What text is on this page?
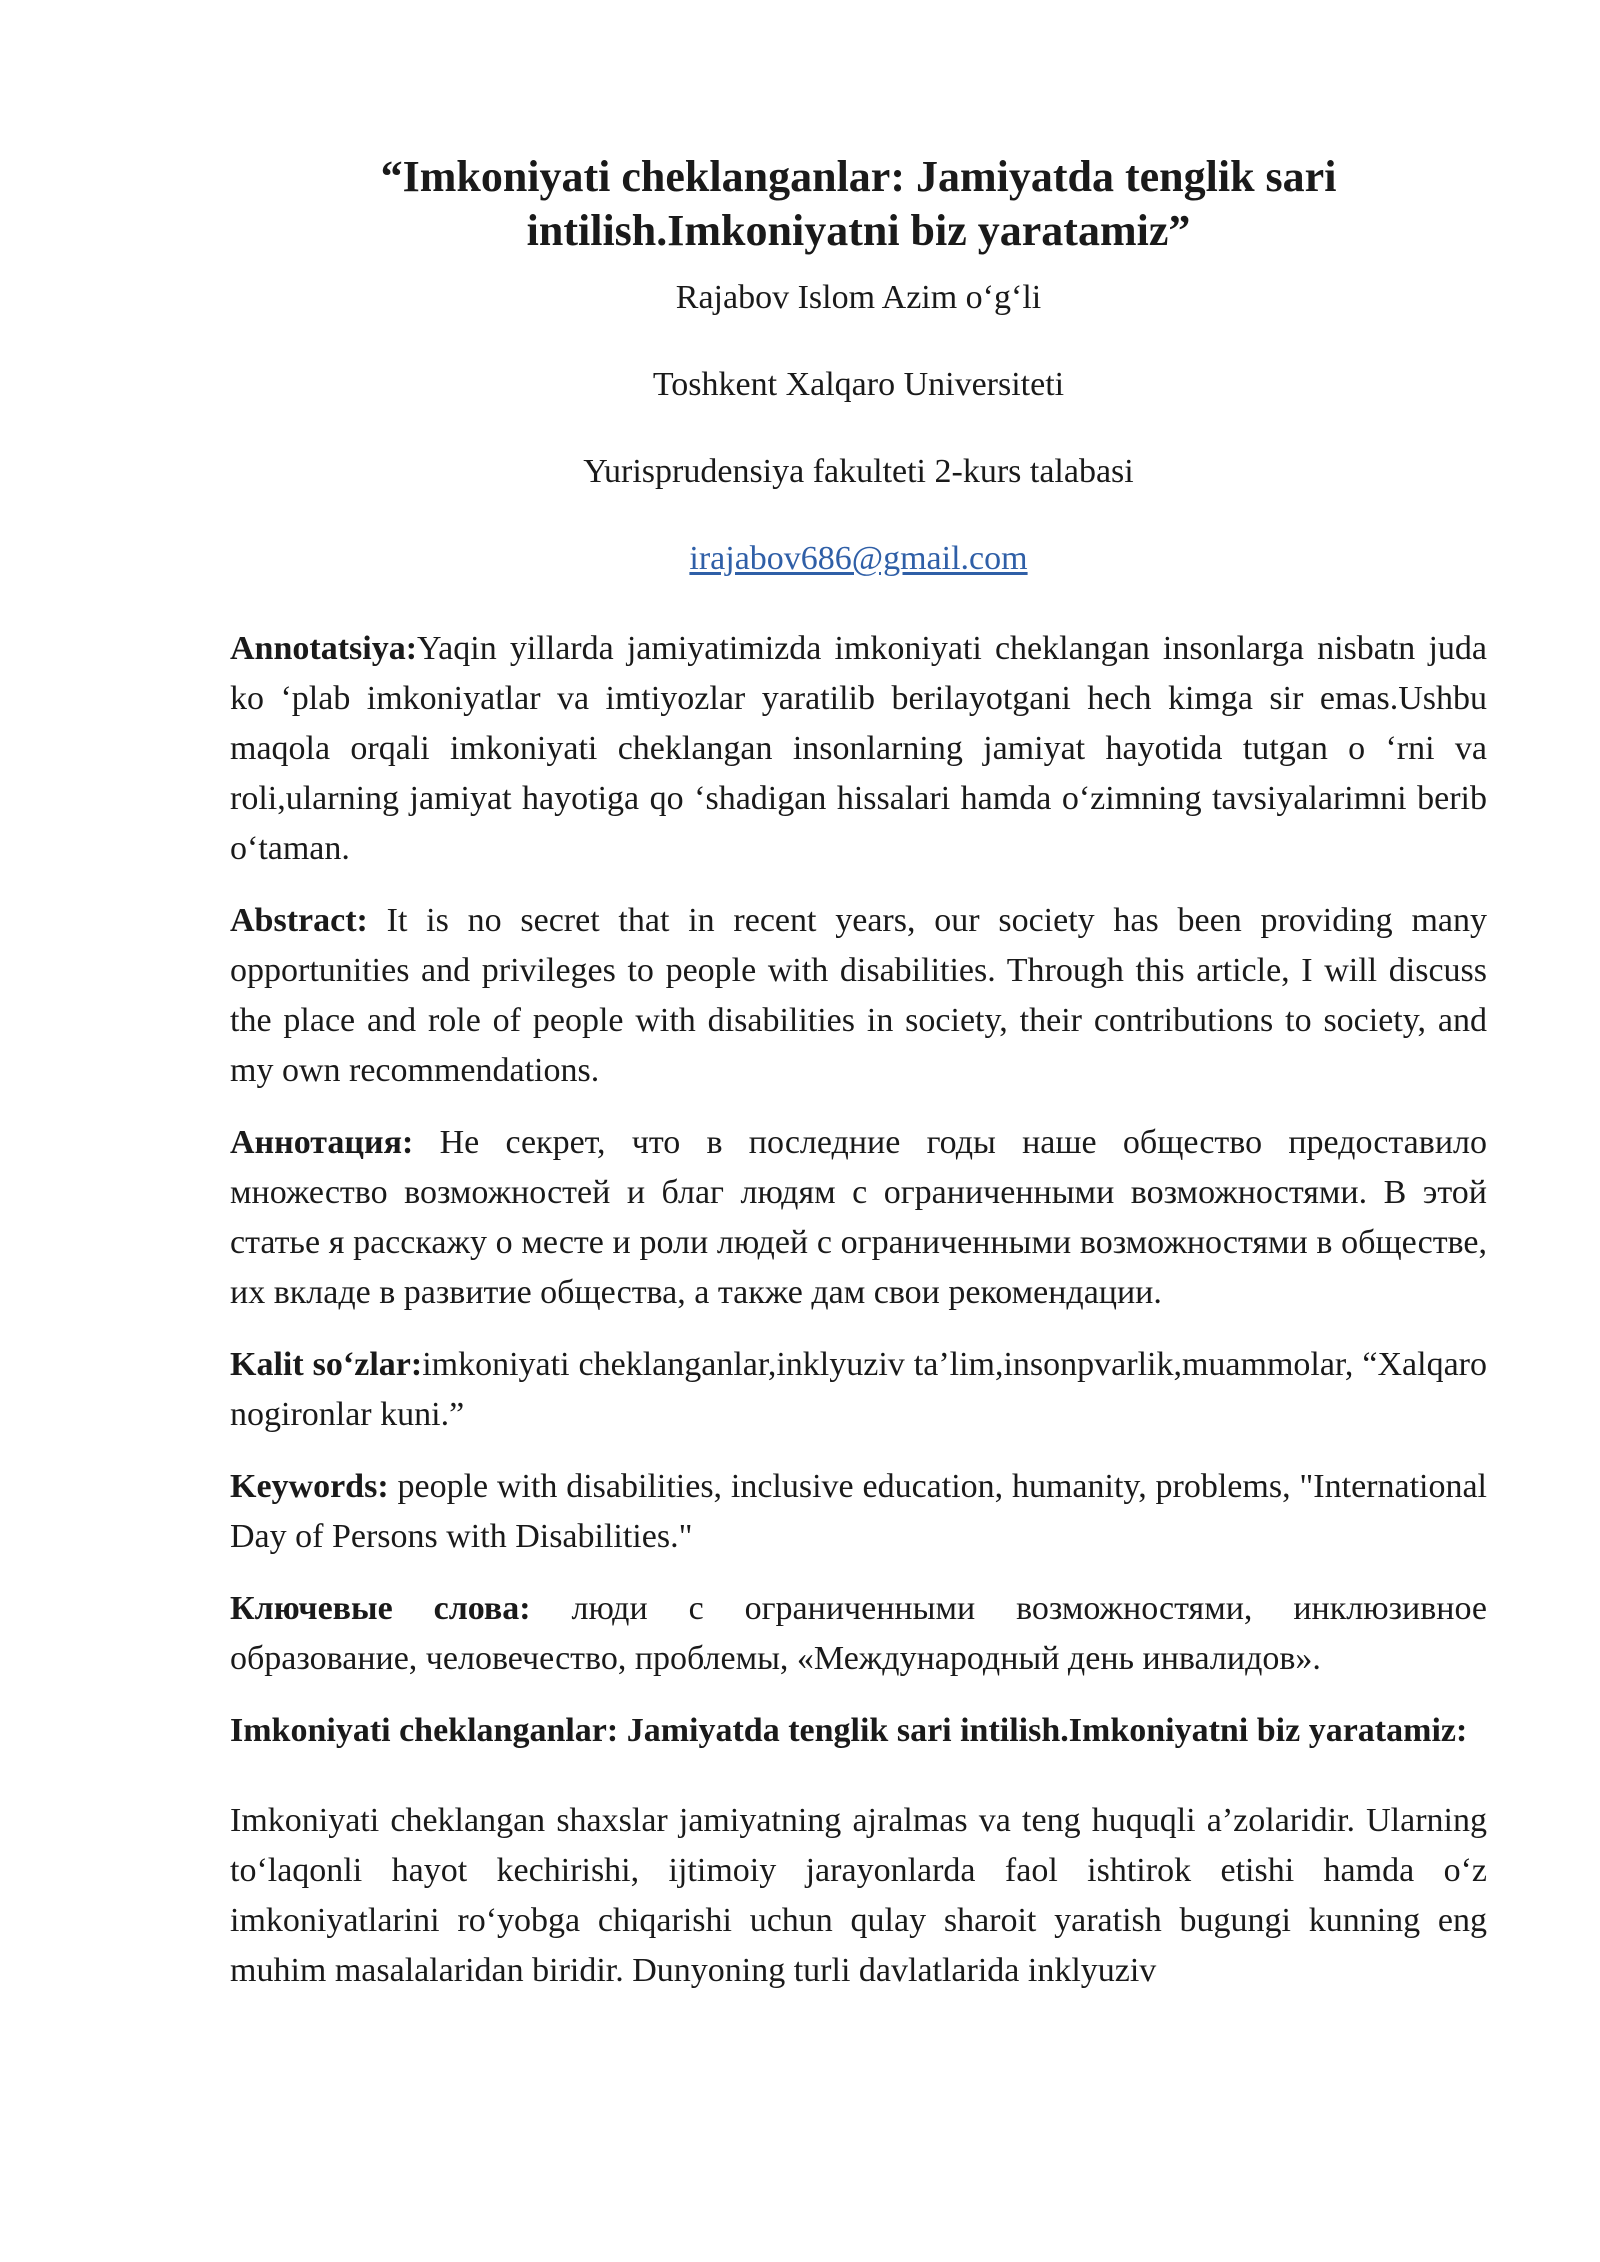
“Imkoniyati cheklanganlar: Jamiyatda tenglik sari intilish.Imkoniyatni biz yaratamiz”

Rajabov Islom Azim o‘g‘li

Toshkent Xalqaro Universiteti

Yurisprudensiya fakulteti 2-kurs talabasi

irajabov686@gmail.com

Annotatsiya:Yaqin yillarda jamiyatimizda imkoniyati cheklangan insonlarga nisbatn juda ko ‘plab imkoniyatlar va imtiyozlar yaratilib berilayotgani hech kimga sir emas.Ushbu maqola orqali imkoniyati cheklangan insonlarning jamiyat hayotida tutgan o ‘rni va roli,ularning jamiyat hayotiga qo ‘shadigan hissalari hamda o‘zimning tavsiyalarimni berib o‘taman.

Abstract: It is no secret that in recent years, our society has been providing many opportunities and privileges to people with disabilities. Through this article, I will discuss the place and role of people with disabilities in society, their contributions to society, and my own recommendations.

Аннотация: Не секрет, что в последние годы наше общество предоставило множество возможностей и благ людям с ограниченными возможностями. В этой статье я расскажу о месте и роли людей с ограниченными возможностями в обществе, их вкладе в развитие общества, а также дам свои рекомендации.

Kalit so‘zlar:imkoniyati cheklanganlar,inklyuziv ta’lim,insonpvarlik,muammolar, “Xalqaro nogironlar kuni.”

Keywords: people with disabilities, inclusive education, humanity, problems, "International Day of Persons with Disabilities."

Ключевые слова: люди с ограниченными возможностями, инклюзивное образование, человечество, проблемы, «Международный день инвалидов».

Imkoniyati cheklanganlar: Jamiyatda tenglik sari intilish.Imkoniyatni biz yaratamiz:

Imkoniyati cheklangan shaxslar jamiyatning ajralmas va teng huquqli a’zolaridir. Ularning to‘laqonli hayot kechirishi, ijtimoiy jarayonlarda faol ishtirok etishi hamda o‘z imkoniyatlarini ro‘yobga chiqarishi uchun qulay sharoit yaratish bugungi kunning eng muhim masalalaridan biridir. Dunyoning turli davlatlarida inklyuziv
